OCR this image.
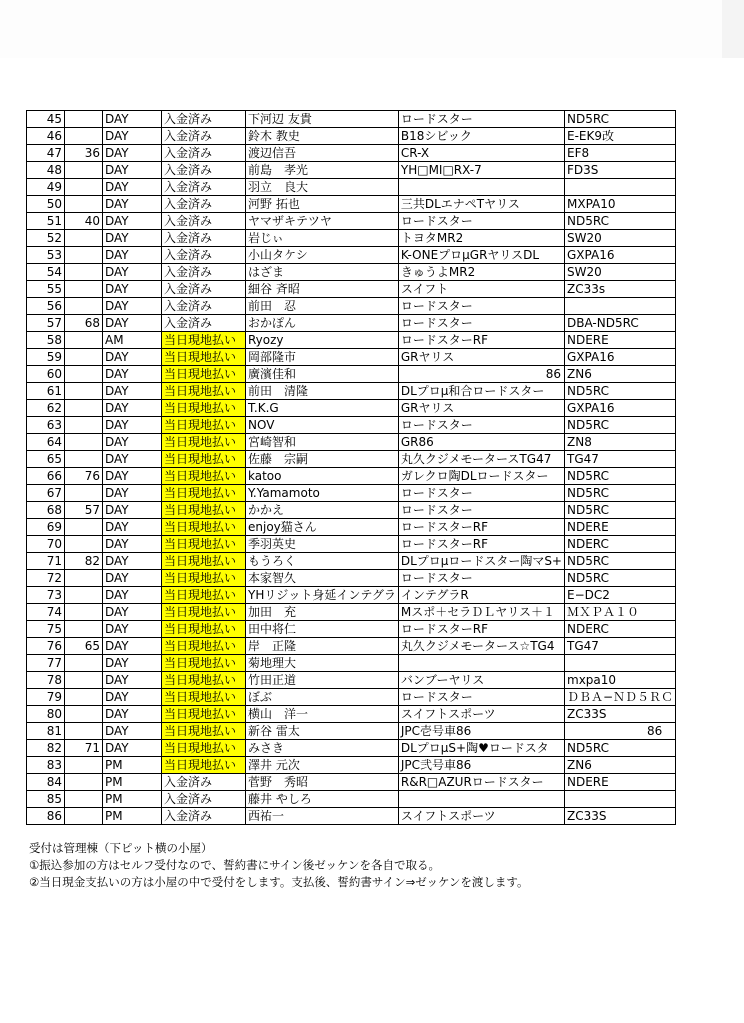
45		DAY	入金済み	下河辺 友貴	ロードスター	ND5RC
46		DAY	入金済み	鈴木 教史	B18シビック	E-EK9改
47	36	DAY	入金済み	渡辺信吾	CR-X	EF8
48		DAY	入金済み	前島　孝光	YH□MI□RX-7	FD3S
49		DAY	入金済み	羽立　良大		
50		DAY	入金済み	河野 拓也	三共DLエナペTヤリス	MXPA10
51	40	DAY	入金済み	ヤマザキテツヤ	ロードスター	ND5RC
52		DAY	入金済み	岩じぃ	トヨタMR2	SW20
53		DAY	入金済み	小山タケシ	K-ONEプロμGRヤリスDL	GXPA16
54		DAY	入金済み	はざま	きゅうよMR2	SW20
55		DAY	入金済み	細谷 斉昭	スイフト	ZC33s
56		DAY	入金済み	前田　忍	ロードスター	
57	68	DAY	入金済み	おかぽん	ロードスター	DBA-ND5RC
58		AM	当日現地払い	Ryozy	ロードスターRF	NDERE
59		DAY	当日現地払い	岡部隆市	GRヤリス	GXPA16
60		DAY	当日現地払い	廣濱佳和	86	ZN6
61		DAY	当日現地払い	前田　清隆	DLプロμ和合ロードスター	ND5RC
62		DAY	当日現地払い	T.K.G	GRヤリス	GXPA16
63		DAY	当日現地払い	NOV	ロードスター	ND5RC
64		DAY	当日現地払い	宮崎智和	GR86	ZN8
65		DAY	当日現地払い	佐藤　宗嗣	丸久クジメモータースTG47	TG47
66	76	DAY	当日現地払い	katoo	ガレクロ陶DLロードスター	ND5RC
67		DAY	当日現地払い	Y.Yamamoto	ロードスター	ND5RC
68	57	DAY	当日現地払い	かかえ	ロードスター	ND5RC
69		DAY	当日現地払い	enjoy猫さん	ロードスターRF	NDERE
70		DAY	当日現地払い	季羽英史	ロードスターRF	NDERC
71	82	DAY	当日現地払い	もうろく	DLプロμロードスター陶マS+	ND5RC
72		DAY	当日現地払い	本家智久	ロードスター	ND5RC
73		DAY	当日現地払い	YHリジット身延インテグラ	インテグラR	E−DC2
74		DAY	当日現地払い	加田　充	Mスポ＋セラＤＬヤリス＋１	ＭＸＰＡ１０
75		DAY	当日現地払い	田中将仁	ロードスターRF	NDERC
76	65	DAY	当日現地払い	岸　正隆	丸久クジメモータース☆TG4	TG47
77		DAY	当日現地払い	菊地理大		
78		DAY	当日現地払い	竹田正道	バンブーヤリス	mxpa10
79		DAY	当日現地払い	ぼぶ	ロードスター	ＤＢＡ−ＮＤ５ＲＣ
80		DAY	当日現地払い	横山　洋一	スイフトスポーツ	ZC33S
81		DAY	当日現地払い	新谷 雷太	JPC壱号車86	86
82	71	DAY	当日現地払い	みさき	DLプロμS+陶♥ロードスタ	ND5RC
83		PM	当日現地払い	澤井 元次	JPC弐号車86	ZN6
84		PM	入金済み	菅野　秀昭	R&R□AZURロードスター	NDERE
85		PM	入金済み	藤井 やしろ		
86		PM	入金済み	西祐一	スイフトスポーツ	ZC33S
受付は管理棟（下ピット横の小屋）
①振込参加の方はセルフ受付なので、誓約書にサイン後ゼッケンを各自で取る。
②当日現金支払いの方は小屋の中で受付をします。支払後、誓約書サイン⇒ゼッケンを渡します。
